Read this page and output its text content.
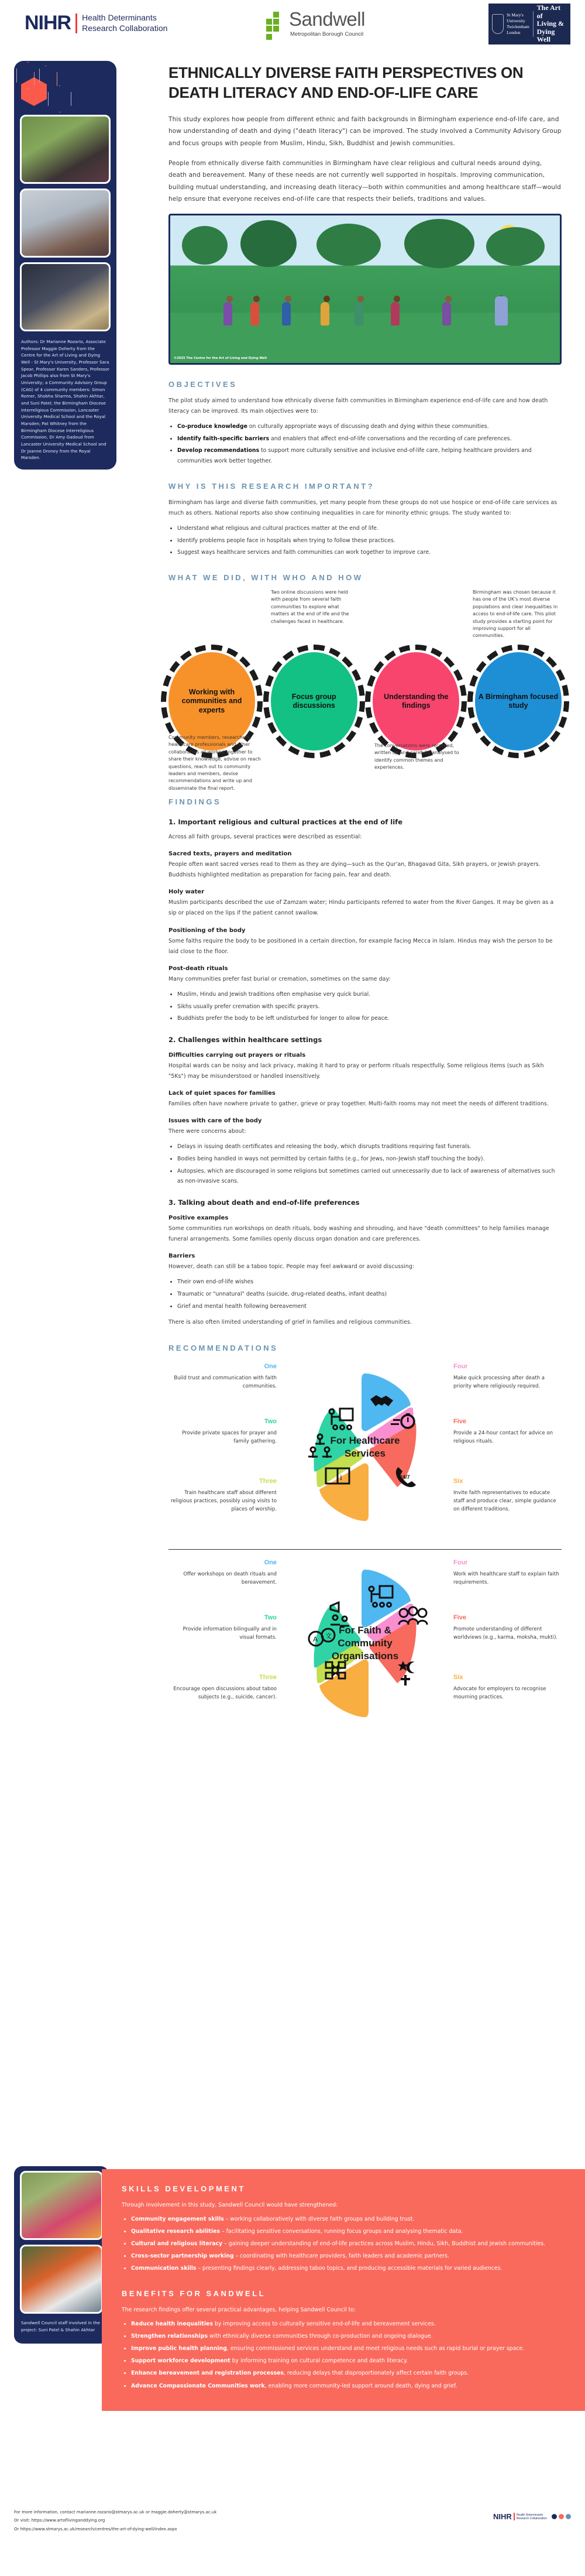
NIHR Health Determinants
Research Collaboration	Sandwell
Metropolitan Borough Council
St Mary's
University
Twickenham
London
The Art of
Living &
Dying Well
Authors: Dr Marianne Rozario, Associate Professor Maggie Doherty from the Centre for the Art of Living and Dying Well - St Mary's University, Professor Sara Spear, Professor Karen Sanders, Professor Jacob Phillips also from St Mary's University; a Community Advisory Group (CAG) of 4 community members: Simon Romer, Shobha Sharma, Shahin Akhtar, and Suni Patel; the Birmingham Diocese Interreligious Commission, Lancaster University Medical School and the Royal Marsden; Pat Whitney from the Birmingham Diocese Interreligious Commission, Dr Amy Gadoud from Lancaster University Medical School and Dr Joanne Droney from the Royal Marsden.
ETHNICALLY DIVERSE FAITH PERSPECTIVES ON DEATH LITERACY AND END-OF-LIFE CARE

This study explores how people from different ethnic and faith backgrounds in Birmingham experience end-of-life care, and how understanding of death and dying ("death literacy") can be improved. The study involved a Community Advisory Group and focus groups with people from Muslim, Hindu, Sikh, Buddhist and Jewish communities.

People from ethnically diverse faith communities in Birmingham have clear religious and cultural needs around dying, death and bereavement. Many of these needs are not currently well supported in hospitals. Improving communication, building mutual understanding, and increasing death literacy—both within communities and among healthcare staff—would help ensure that everyone receives end-of-life care that respects their beliefs, traditions and values.

©2025 The Centre for the Art of Living and Dying Well
OBJECTIVES

The pilot study aimed to understand how ethnically diverse faith communities in Birmingham experience end-of-life care and how death literacy can be improved. Its main objectives were to:

• Co-produce knowledge on culturally appropriate ways of discussing death and dying within these communities.
• Identify faith-specific barriers and enablers that affect end-of-life conversations and the recording of care preferences.
• Develop recommendations to support more culturally sensitive and inclusive end-of-life care, helping healthcare providers and communities work better together.
WHY IS THIS RESEARCH IMPORTANT?

Birmingham has large and diverse faith communities, yet many people from these groups do not use hospice or end-of-life care services as much as others. National reports also show continuing inequalities in care for minority ethnic groups. The study wanted to:

• Understand what religious and cultural practices matter at the end of life.
• Identify problems people face in hospitals when trying to follow these practices.
• Suggest ways healthcare services and faith communities can work together to improve care.
WHAT WE DID, WITH WHO AND HOW
Two online discussions were held with people from several faith communities to explore what matters at the end of life and the challenges faced in healthcare.
Birmingham was chosen because it has one of the UK's most diverse populations and clear inequalities in access to end-of-life care. This pilot study provides a starting point for improving support for all communities.
Working with communities and experts
Focus group discussions
Understanding the findings
A Birmingham focused study
Community members, researchers, healthcare professionals and other collaborators all worked together to share their knowledge, advise on reach questions, reach out to community leaders and members, devise recommendations and write up and disseminate the final report.
The conversations were recorded, written up and carefully analysed to identify common themes and experiences.
FINDINGS
1. Important religious and cultural practices at the end of life

Across all faith groups, several practices were described as essential:

Sacred texts, prayers and meditation

People often want sacred verses read to them as they are dying—such as the Qur'an, Bhagavad Gita, Sikh prayers, or Jewish prayers. Buddhists highlighted meditation as preparation for facing pain, fear and death.

Holy water

Muslim participants described the use of Zamzam water; Hindu participants referred to water from the River Ganges. It may be given as a sip or placed on the lips if the patient cannot swallow.

Positioning of the body

Some faiths require the body to be positioned in a certain direction, for example facing Mecca in Islam. Hindus may wish the person to be laid close to the floor.

Post-death rituals

Many communities prefer fast burial or cremation, sometimes on the same day:

• Muslim, Hindu and Jewish traditions often emphasise very quick burial.
• Sikhs usually prefer cremation with specific prayers.
• Buddhists prefer the body to be left undisturbed for longer to allow for peace.
2. Challenges within healthcare settings
Difficulties carrying out prayers or rituals

Hospital wards can be noisy and lack privacy, making it hard to pray or perform rituals respectfully. Some religious items (such as Sikh "5Ks") may be misunderstood or handled insensitively.

Lack of quiet spaces for families

Families often have nowhere private to gather, grieve or pray together. Multi-faith rooms may not meet the needs of different traditions.

Issues with care of the body

There were concerns about:

• Delays in issuing death certificates and releasing the body, which disrupts traditions requiring fast funerals.
• Bodies being handled in ways not permitted by certain faiths (e.g., for Jews, non-Jewish staff touching the body).
• Autopsies, which are discouraged in some religions but sometimes carried out unnecessarily due to lack of awareness of alternatives such as non-invasive scans.
3. Talking about death and end-of-life preferences
Positive examples

Some communities run workshops on death rituals, body washing and shrouding, and have "death committees" to help families manage funeral arrangements. Some families openly discuss organ donation and care preferences.

Barriers

However, death can still be a taboo topic. People may feel awkward or avoid discussing:

• Their own end-of-life wishes
• Traumatic or "unnatural" deaths (suicide, drug-related deaths, infant deaths)
• Grief and mental health following bereavement

There is also often limited understanding of grief in families and religious communities.

RECOMMENDATIONS
One
Build trust and communication with faith communities.
Two
Provide private spaces for prayer and family gathering.
Three
Train healthcare staff about different religious practices, possibly using visits to places of worship.
Four
Make quick processing after death a priority where religiously required.
Five
Provide a 24-hour contact for advice on religious rituals.
Six
Invite faith representatives to educate staff and produce clear, simple guidance on different traditions.
24/7
i
For Healthcare Services
One
Offer workshops on death rituals and bereavement.
Two
Provide information bilingually and in visual formats.
Three
Encourage open discussions about taboo subjects (e.g., suicide, cancer).
Four
Work with healthcare staff to explain faith requirements.
Five
Promote understanding of different worldviews (e.g., karma, moksha, mukti).
Six
Advocate for employers to recognise mourning practices.
A 文
For Faith & Community Organisations
Sandwell Council staff involved in the project: Suni Patel & Shahin Akhtar
SKILLS DEVELOPMENT

Through involvement in this study, Sandwell Council would have strengthened:

• Community engagement skills – working collaboratively with diverse faith groups and building trust.
• Qualitative research abilities – facilitating sensitive conversations, running focus groups and analysing thematic data.
• Cultural and religious literacy – gaining deeper understanding of end-of-life practices across Muslim, Hindu, Sikh, Buddhist and Jewish communities.
• Cross-sector partnership working – coordinating with healthcare providers, faith leaders and academic partners.
• Communication skills – presenting findings clearly, addressing taboo topics, and producing accessible materials for varied audiences.
BENEFITS FOR SANDWELL

The research findings offer several practical advantages, helping Sandwell Council to:

• Reduce health inequalities by improving access to culturally sensitive end-of-life and bereavement services.
• Strengthen relationships with ethnically diverse communities through co-production and ongoing dialogue.
• Improve public health planning, ensuring commissioned services understand and meet religious needs such as rapid burial or prayer space.
• Support workforce development by informing training on cultural competence and death literacy.
• Enhance bereavement and registration processes, reducing delays that disproportionately affect certain faith groups.
• Advance Compassionate Communities work, enabling more community-led support around death, dying and grief.

For more information, contact marianne.rozario@stmarys.ac.uk or maggie.doherty@stmarys.ac.uk

Or visit: https://www.artoflivinganddying.org

Or https://www.stmarys.ac.uk/research/centres/the-art-of-dying-well/index.aspx

NIHR Health Determinants
Research Collaboration
